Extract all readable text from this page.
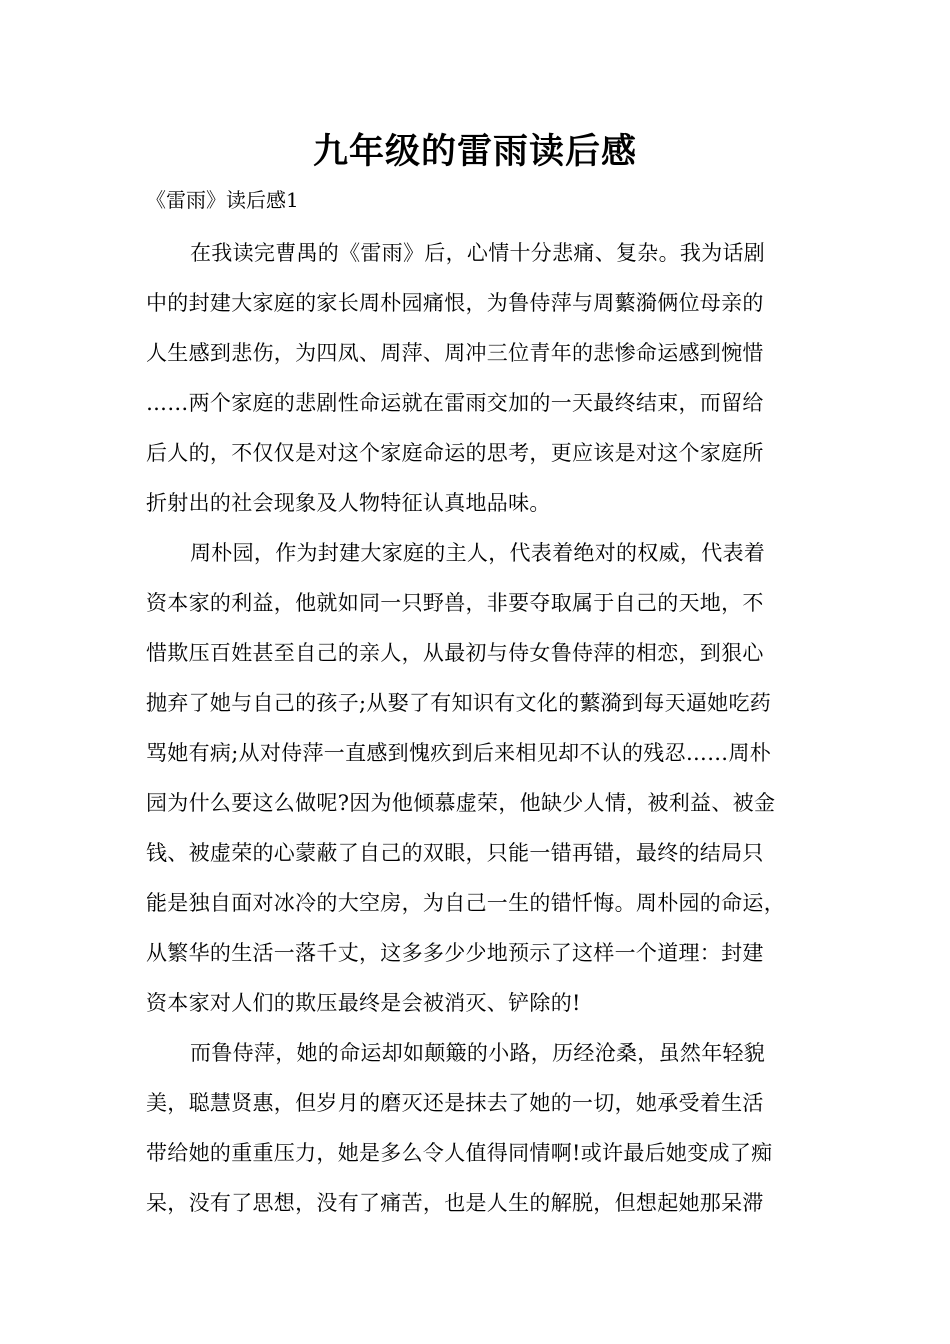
九年级的雷雨读后感
《雷雨》读后感1
在我读完曹禺的《雷雨》后，心情十分悲痛、复杂。我为话剧
中的封建大家庭的家长周朴园痛恨，为鲁侍萍与周蘩漪俩位母亲的
人生感到悲伤，为四凤、周萍、周冲三位青年的悲惨命运感到惋惜
……两个家庭的悲剧性命运就在雷雨交加的一天最终结束，而留给
后人的，不仅仅是对这个家庭命运的思考，更应该是对这个家庭所
折射出的社会现象及人物特征认真地品味。
周朴园，作为封建大家庭的主人，代表着绝对的权威，代表着
资本家的利益，他就如同一只野兽，非要夺取属于自己的天地，不
惜欺压百姓甚至自己的亲人，从最初与侍女鲁侍萍的相恋，到狠心
抛弃了她与自己的孩子;从娶了有知识有文化的蘩漪到每天逼她吃药
骂她有病;从对侍萍一直感到愧疚到后来相见却不认的残忍……周朴
园为什么要这么做呢?因为他倾慕虚荣，他缺少人情，被利益、被金
钱、被虚荣的心蒙蔽了自己的双眼，只能一错再错，最终的结局只
能是独自面对冰冷的大空房，为自己一生的错忏悔。周朴园的命运，
从繁华的生活一落千丈，这多多少少地预示了这样一个道理：封建
资本家对人们的欺压最终是会被消灭、铲除的!
而鲁侍萍，她的命运却如颠簸的小路，历经沧桑，虽然年轻貌
美，聪慧贤惠，但岁月的磨灭还是抹去了她的一切，她承受着生活
带给她的重重压力，她是多么令人值得同情啊!或许最后她变成了痴
呆，没有了思想，没有了痛苦，也是人生的解脱，但想起她那呆滞
